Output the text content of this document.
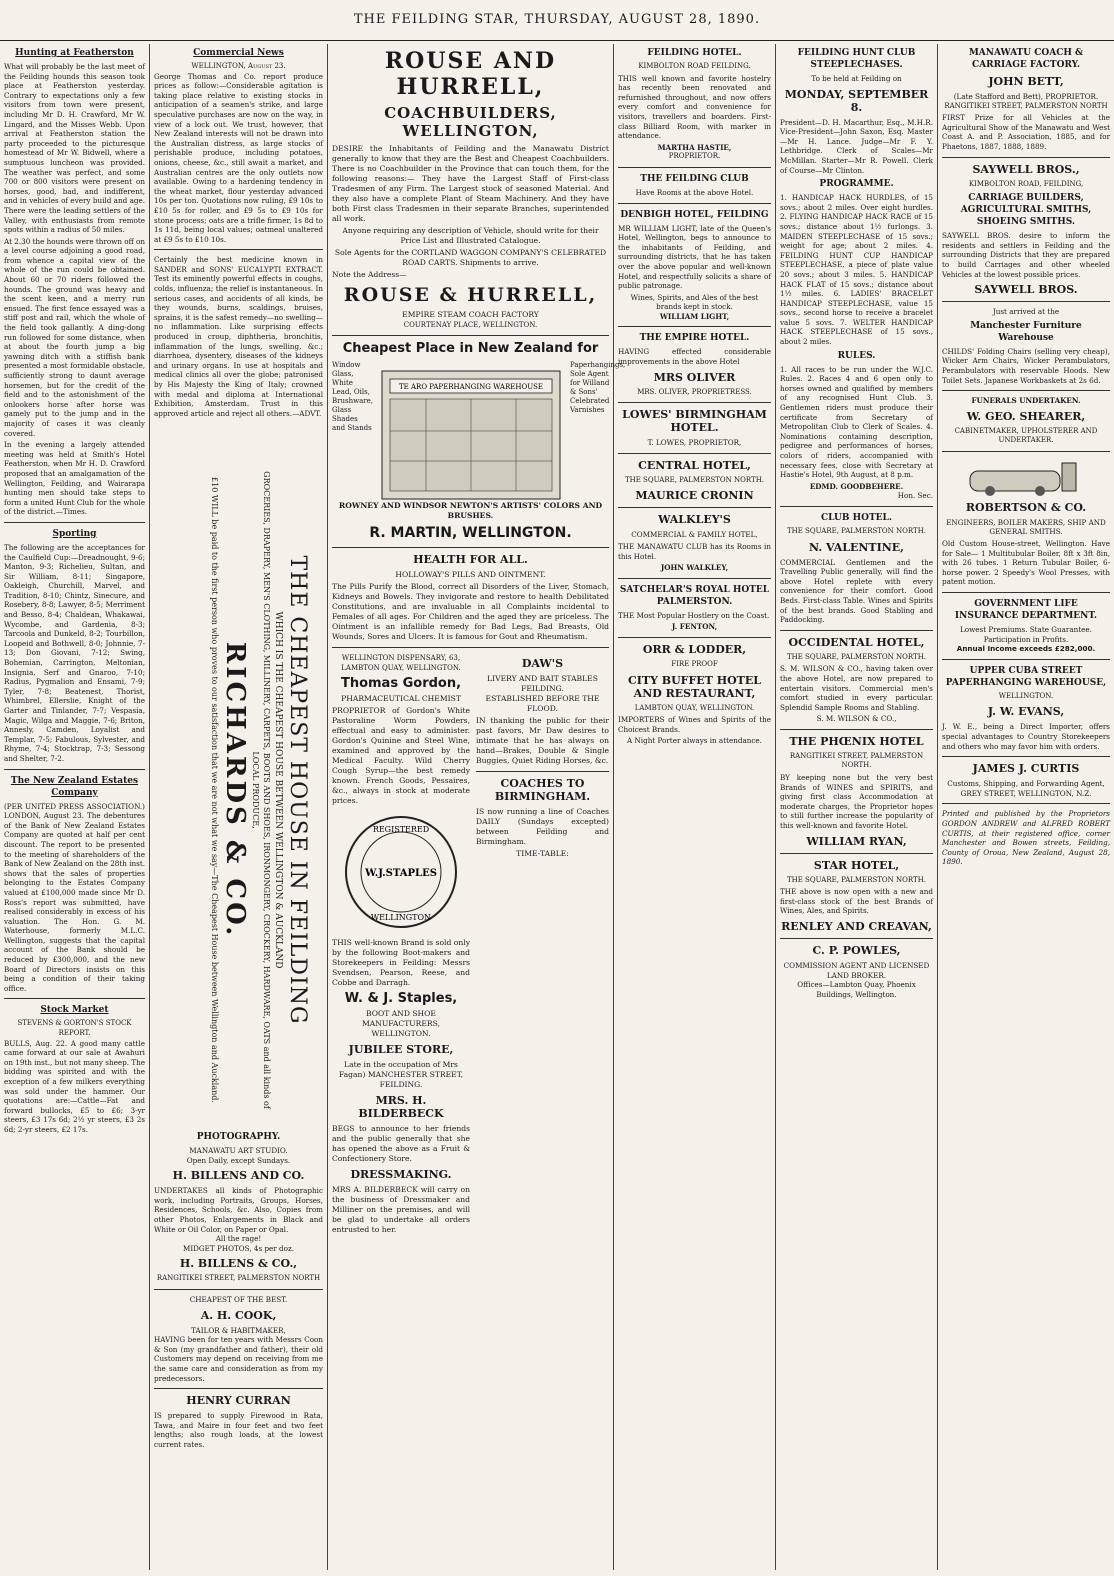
THE FEILDING STAR, THURSDAY, AUGUST 28, 1890.
Hunting at Featherston

What will probably be the last meet of the Feilding hounds this season took place at Featherston yesterday. Contrary to expectations only a few visitors from town were present, including Mr D. H. Crawford, Mr W. Lingard, and the Misses Webb. Upon arrival at Featherston station the party proceeded to the picturesque homestead of Mr W. Bidwell, where a sumptuous luncheon was provided. The weather was perfect, and some 700 or 800 visitors were present on horses, good, bad, and indifferent, and in vehicles of every build and age. There were the leading settlers of the Valley, with enthusiasts from remote spots within a radius of 50 miles.

At 2.30 the hounds were thrown off on a level course adjoining a good road, from whence a capital view of the whole of the run could be obtained. About 60 or 70 riders followed the hounds. The ground was heavy and the scent keen, and a merry run ensued. The first fence essayed was a stiff post and rail, which the whole of the field took gallantly. A ding-dong run followed for some distance, when at about the fourth jump a big yawning ditch with a stiffish bank presented a most formidable obstacle, sufficiently strong to daunt average horsemen, but for the credit of the field and to the astonishment of the onlookers horse after horse was gamely put to the jump and in the majority of cases it was cleanly covered.

In the evening a largely attended meeting was held at Smith's Hotel Featherston, when Mr H. D. Crawford proposed that an amalgamation of the Wellington, Feilding, and Wairarapa hunting men should take steps to form a united Hunt Club for the whole of the district.—Times.

Sporting

The following are the acceptances for the Caulfield Cup:—Dreadnought, 9-6; Manton, 9-3; Richelieu, Sultan, and Sir William, 8-11; Singapore, Oakleigh, Churchill, Marvel, and Tradition, 8-10; Chintz, Sinecure, and Rosebery, 8-8; Lawyer, 8-5; Merriment and Besso, 8-4; Chaldean, Whakawai, Wycombe, and Gardenia, 8-3; Tarcoola and Dunkeld, 8-2; Tourbillon, Loopeid and Bothwell, 8-0; Johnnie, 7-13; Don Giovani, 7-12; Swing, Bohemian, Carrington, Meltonian, Insignia, Serf and Gnaroo, 7-10; Radius, Pygmalion and Ensami, 7-9; Tyler, 7-8; Beatenest, Thorist, Whimbrel, Ellerslie, Knight of the Garter and Tinlander, 7-7; Vespasia, Magic, Wilga and Maggie, 7-6; Briton, Annesly, Camden, Loyalist and Templar, 7-5; Fabulous, Sylvester, and Rhyme, 7-4; Stocktrap, 7-3; Sessong and Shelter, 7-2.

The New Zealand Estates Company

(PER UNITED PRESS ASSOCIATION.) LONDON, August 23. The debentures of the Bank of New Zealand Estates Company are quoted at half per cent discount. The report to be presented to the meeting of shareholders of the Bank of New Zealand on the 28th inst. shows that the sales of properties belonging to the Estates Company valued at £100,000 made since Mr D. Ross's report was submitted, have realised considerably in excess of his valuation. The Hon. G. M. Waterhouse, formerly M.L.C. Wellington, suggests that the capital account of the Bank should be reduced by £300,000, and the new Board of Directors insists on this being a condition of their taking office.

Stock Market
STEVENS & GORTON'S STOCK REPORT.

BULLS, Aug. 22. A good many cattle came forward at our sale at Awahuri on 19th inst., but not many sheep. The bidding was spirited and with the exception of a few milkers everything was sold under the hammer. Our quotations are:—Cattle—Fat and forward bullocks, £5 to £6; 3-yr steers, £3 17s 6d; 2½ yr steers, £3 2s 6d; 2-yr steers, £2 17s.

Commercial News
WELLINGTON, August 23.

George Thomas and Co. report produce prices as follow:—Considerable agitation is taking place relative to existing stocks in anticipation of a seamen's strike, and large speculative purchases are now on the way, in view of a lock out. We trust, however, that New Zealand interests will not be drawn into the Australian distress, as large stocks of perishable produce, including potatoes, onions, cheese, &c., still await a market, and Australian centres are the only outlets now available. Owing to a hardening tendency in the wheat market, flour yesterday advanced 10s per ton. Quotations now ruling, £9 10s to £10 5s for roller, and £9 5s to £9 10s for stone process; oats are a trifle firmer, 1s 8d to 1s 11d, being local values; oatmeal unaltered at £9 5s to £10 10s.

Certainly the best medicine known in SANDER and SONS' EUCALYPTI EXTRACT. Test its eminently powerful effects in coughs, colds, influenza; the relief is instantaneous. In serious cases, and accidents of all kinds, be they wounds, burns, scaldings, bruises, sprains, it is the safest remedy—no swelling—no inflammation. Like surprising effects produced in croup, diphtheria, bronchitis, inflammation of the lungs, swelling, &c.; diarrhoea, dysentery, diseases of the kidneys and urinary organs. In use at hospitals and medical clinics all over the globe; patronised by His Majesty the King of Italy; crowned with medal and diploma at International Exhibition, Amsterdam. Trust in this approved article and reject all others.—ADVT.

THE CHEAPEST HOUSE IN FEILDING
WHICH IS THE CHEAPEST HOUSE BETWEEN WELLINGTON & AUCKLAND
GROCERIES, DRAPERY, MEN'S CLOTHING, MILLINERY, CARPETS, BOOTS AND SHOES, IRONMONGERY, CROCKERY, HARDWARE, OATS and all kinds of LOCAL PRODUCE,
RICHARDS & CO.
£10 WILL be paid to the first person who proves to our satisfaction that we are not what we say—The Cheapest House between Wellington and Auckland.
PHOTOGRAPHY.
MANAWATU ART STUDIO.
Open Daily, except Sundays.
H. BILLENS AND CO.

UNDERTAKES all kinds of Photographic work, including Portraits, Groups, Horses, Residences, Schools, &c. Also, Copies from other Photos, Enlargements in Black and White or Oil Color, on Paper or Opal.

All the rage!
MIDGET PHOTOS, 4s per doz.
H. BILLENS & CO.,
RANGITIKEI STREET, PALMERSTON NORTH
CHEAPEST OF THE BEST.
A. H. COOK,
TAILOR & HABITMAKER,

HAVING been for ten years with Messrs Coon & Son (my grandfather and father), their old Customers may depend on receiving from me the same care and consideration as from my predecessors.

HENRY CURRAN

IS prepared to supply Firewood in Rata, Tawa, and Maire in four feet and two feet lengths; also rough loads, at the lowest current rates.

ROUSE AND HURRELL,
COACHBUILDERS, WELLINGTON,

DESIRE the Inhabitants of Feilding and the Manawatu District generally to know that they are the Best and Cheapest Coachbuilders. There is no Coachbuilder in the Province that can touch them, for the following reasons:— They have the Largest Staff of First-class Tradesmen of any Firm. The Largest stock of seasoned Material. And they also have a complete Plant of Steam Machinery. And they have both First class Tradesmen in their separate Branches, superintended all work.

Anyone requiring any description of Vehicle, should write for their Price List and Illustrated Catalogue.

Sole Agents for the CORTLAND WAGGON COMPANY'S CELEBRATED ROAD CARTS. Shipments to arrive.

Note the Address—
ROUSE & HURRELL,
EMPIRE STEAM COACH FACTORY
COURTENAY PLACE, WELLINGTON.
Cheapest Place in New Zealand for
Window Glass, White Lead, Oils, Brushware, Glass Shades and Stands
TE ARO PAPERHANGING WAREHOUSE
Paperhangings, Sole Agent for Willand & Sons' Celebrated Varnishes
ROWNEY AND WINDSOR NEWTON'S ARTISTS' COLORS AND BRUSHES.
R. MARTIN, WELLINGTON.
HEALTH FOR ALL.
HOLLOWAY'S PILLS AND OINTMENT.

The Pills Purify the Blood, correct all Disorders of the Liver, Stomach, Kidneys and Bowels. They invigorate and restore to health Debilitated Constitutions, and are invaluable in all Complaints incidental to Females of all ages. For Children and the aged they are priceless. The Ointment is an infallible remedy for Bad Legs, Bad Breasts, Old Wounds, Sores and Ulcers. It is famous for Gout and Rheumatism.

WELLINGTON DISPENSARY, 63, LAMBTON QUAY, WELLINGTON.
Thomas Gordon,
PHARMACEUTICAL CHEMIST

PROPRIETOR of Gordon's White Pastoraline Worm Powders, effectual and easy to administer. Gordon's Quinine and Steel Wine, examined and approved by the Medical Faculty. Wild Cherry Cough Syrup—the best remedy known. French Goods, Pessaires, &c., always in stock at moderate prices.

REGISTERED
W.J.STAPLES
WELLINGTON

THIS well-known Brand is sold only by the following Boot-makers and Storekeepers in Feilding: Messrs Svendsen, Pearson, Reese, and Cobbe and Darragh.

W. & J. Staples,
BOOT AND SHOE MANUFACTURERS, WELLINGTON.
JUBILEE STORE,
Late in the occupation of Mrs Fagan) MANCHESTER STREET, FEILDING.
MRS. H. BILDERBECK

BEGS to announce to her friends and the public generally that she has opened the above as a Fruit & Confectionery Store.

DRESSMAKING.

MRS A. BILDERBECK will carry on the business of Dressmaker and Milliner on the premises, and will be glad to undertake all orders entrusted to her.

DAW'S
LIVERY AND BAIT STABLES FEILDING.
ESTABLISHED BEFORE THE FLOOD.

IN thanking the public for their past favors, Mr Daw desires to intimate that he has always on hand—Brakes, Double & Single Buggies, Quiet Riding Horses, &c.

COACHES TO BIRMINGHAM.

IS now running a line of Coaches DAILY (Sundays excepted) between Feilding and Birmingham.

TIME-TABLE:
FEILDING HOTEL.
KIMBOLTON ROAD FEILDING.

THIS well known and favorite hostelry has recently been renovated and refurnished throughout, and now offers every comfort and convenience for visitors, travellers and boarders. First-class Billiard Room, with marker in attendance.

MARTHA HASTIE,
PROPRIETOR.
THE FEILDING CLUB
Have Rooms at the above Hotel.
DENBIGH HOTEL, FEILDING

MR WILLIAM LIGHT, late of the Queen's Hotel, Wellington, begs to announce to the inhabitants of Feilding, and surrounding districts, that he has taken over the above popular and well-known Hotel, and respectfully solicits a share of public patronage.

Wines, Spirits, and Ales of the best brands kept in stock.
WILLIAM LIGHT,
THE EMPIRE HOTEL.

HAVING effected considerable improvements in the above Hotel

MRS OLIVER
MRS. OLIVER, PROPRIETRESS.
LOWES' BIRMINGHAM HOTEL.
T. LOWES, PROPRIETOR,
CENTRAL HOTEL,
THE SQUARE, PALMERSTON NORTH.
MAURICE CRONIN
WALKLEY'S
COMMERCIAL & FAMILY HOTEL,

THE MANAWATU CLUB has its Rooms in this Hotel.

JOHN WALKLEY,
SATCHELAR'S ROYAL HOTEL PALMERSTON.

THE Most Popular Hostlery on the Coast.

J. FENTON,
ORR & LODDER,
FIRE PROOF
CITY BUFFET HOTEL AND RESTAURANT,
LAMBTON QUAY, WELLINGTON.

IMPORTERS of Wines and Spirits of the Choicest Brands.

A Night Porter always in attendance.
FEILDING HUNT CLUB STEEPLECHASES.
To be held at Feilding on
MONDAY, SEPTEMBER 8.

President—D. H. Macarthur, Esq., M.H.R. Vice-President—John Saxon, Esq. Master—Mr H. Lance. Judge—Mr F. Y. Lethbridge. Clerk of Scales—Mr McMillan. Starter—Mr R. Powell. Clerk of Course—Mr Clinton.

PROGRAMME.

1. HANDICAP HACK HURDLES, of 15 sovs.; about 2 miles. Over eight hurdles. 2. FLYING HANDICAP HACK RACE of 15 sovs.; distance about 1½ furlongs. 3. MAIDEN STEEPLECHASE of 15 sovs.; weight for age; about 2 miles. 4. FEILDING HUNT CUP HANDICAP STEEPLECHASE, a piece of plate value 20 sovs.; about 3 miles. 5. HANDICAP HACK FLAT of 15 sovs.; distance about 1½ miles. 6. LADIES' BRACELET HANDICAP STEEPLECHASE, value 15 sovs., second horse to receive a bracelet value 5 sovs. 7. WELTER HANDICAP HACK STEEPLECHASE of 15 sovs., about 2 miles.

RULES.

1. All races to be run under the W.J.C. Rules. 2. Races 4 and 6 open only to horses owned and qualified by members of any recognised Hunt Club. 3. Gentlemen riders must produce their certificate from Secretary of Metropolitan Club to Clerk of Scales. 4. Nominations containing description, pedigree and performances of horses, colors of riders, accompanied with necessary fees, close with Secretary at Hastie's Hotel, 9th August, at 8 p.m.

EDMD. GOODBEHERE.
Hon. Sec.
CLUB HOTEL.
THE SQUARE, PALMERSTON NORTH.
N. VALENTINE,

COMMERCIAL Gentlemen and the Travelling Public generally, will find the above Hotel replete with every convenience for their comfort. Good Beds. First-class Table. Wines and Spirits of the best brands. Good Stabling and Paddocking.

OCCIDENTAL HOTEL,
THE SQUARE, PALMERSTON NORTH.

S. M. WILSON & CO., having taken over the above Hotel, are now prepared to entertain visitors. Commercial men's comfort studied in every particular. Splendid Sample Rooms and Stabling.

S. M. WILSON & CO.,
THE PHŒNIX HOTEL
RANGITIKEI STREET, PALMERSTON NORTH.

BY keeping none but the very best Brands of WINES and SPIRITS, and giving first class Accommodation at moderate charges, the Proprietor hopes to still further increase the popularity of this well-known and favorite Hotel.

WILLIAM RYAN,
STAR HOTEL,
THE SQUARE, PALMERSTON NORTH.

THE above is now open with a new and first-class stock of the best Brands of Wines, Ales, and Spirits.

RENLEY AND CREAVAN,
C. P. POWLES,
COMMISSION AGENT AND LICENSED LAND BROKER.
Offices—Lambton Quay, Phoenix Buildings, Wellington.
MANAWATU COACH & CARRIAGE FACTORY.
JOHN BETT,
(Late Stafford and Bett), PROPRIETOR.
RANGITIKEI STREET, PALMERSTON NORTH

FIRST Prize for all Vehicles at the Agricultural Show of the Manawatu and West Coast A. and P. Association, 1885, and for Phaetons, 1887, 1888, 1889.

SAYWELL BROS.,
KIMBOLTON ROAD, FEILDING,
CARRIAGE BUILDERS, AGRICULTURAL SMITHS, SHOEING SMITHS.

SAYWELL BROS. desire to inform the residents and settlers in Feilding and the surrounding Districts that they are prepared to build Carriages and other wheeled Vehicles at the lowest possible prices.

SAYWELL BROS.
Just arrived at the
Manchester Furniture Warehouse

CHILDS' Folding Chairs (selling very cheap), Wicker Arm Chairs, Wicker Perambulators, Perambulators with reservable Hoods. New Toilet Sets. Japanese Workbaskets at 2s 6d.

FUNERALS UNDERTAKEN.
W. GEO. SHEARER,
CABINETMAKER, UPHOLSTERER AND UNDERTAKER.
ROBERTSON & CO.
ENGINEERS, BOILER MAKERS, SHIP AND GENERAL SMITHS.

Old Custom House-street, Wellington. Have for Sale— 1 Multitubular Boiler, 8ft x 3ft 8in, with 26 tubes. 1 Return Tubular Boiler, 6-horse power. 2 Speedy's Wool Presses, with patent motion.

GOVERNMENT LIFE INSURANCE DEPARTMENT.
Lowest Premiums. State Guarantee. Participation in Profits.
Annual Income exceeds £282,000.
UPPER CUBA STREET PAPERHANGING WAREHOUSE,
WELLINGTON.
J. W. EVANS,

J. W. E., being a Direct Importer, offers special advantages to Country Storekeepers and others who may favor him with orders.

JAMES J. CURTIS
Customs, Shipping, and Forwarding Agent, GREY STREET, WELLINGTON, N.Z.

Printed and published by the Proprietors GORDON ANDREW and ALFRED ROBERT CURTIS, at their registered office, corner Manchester and Bowen streets, Feilding, County of Oroua, New Zealand, August 28, 1890.
